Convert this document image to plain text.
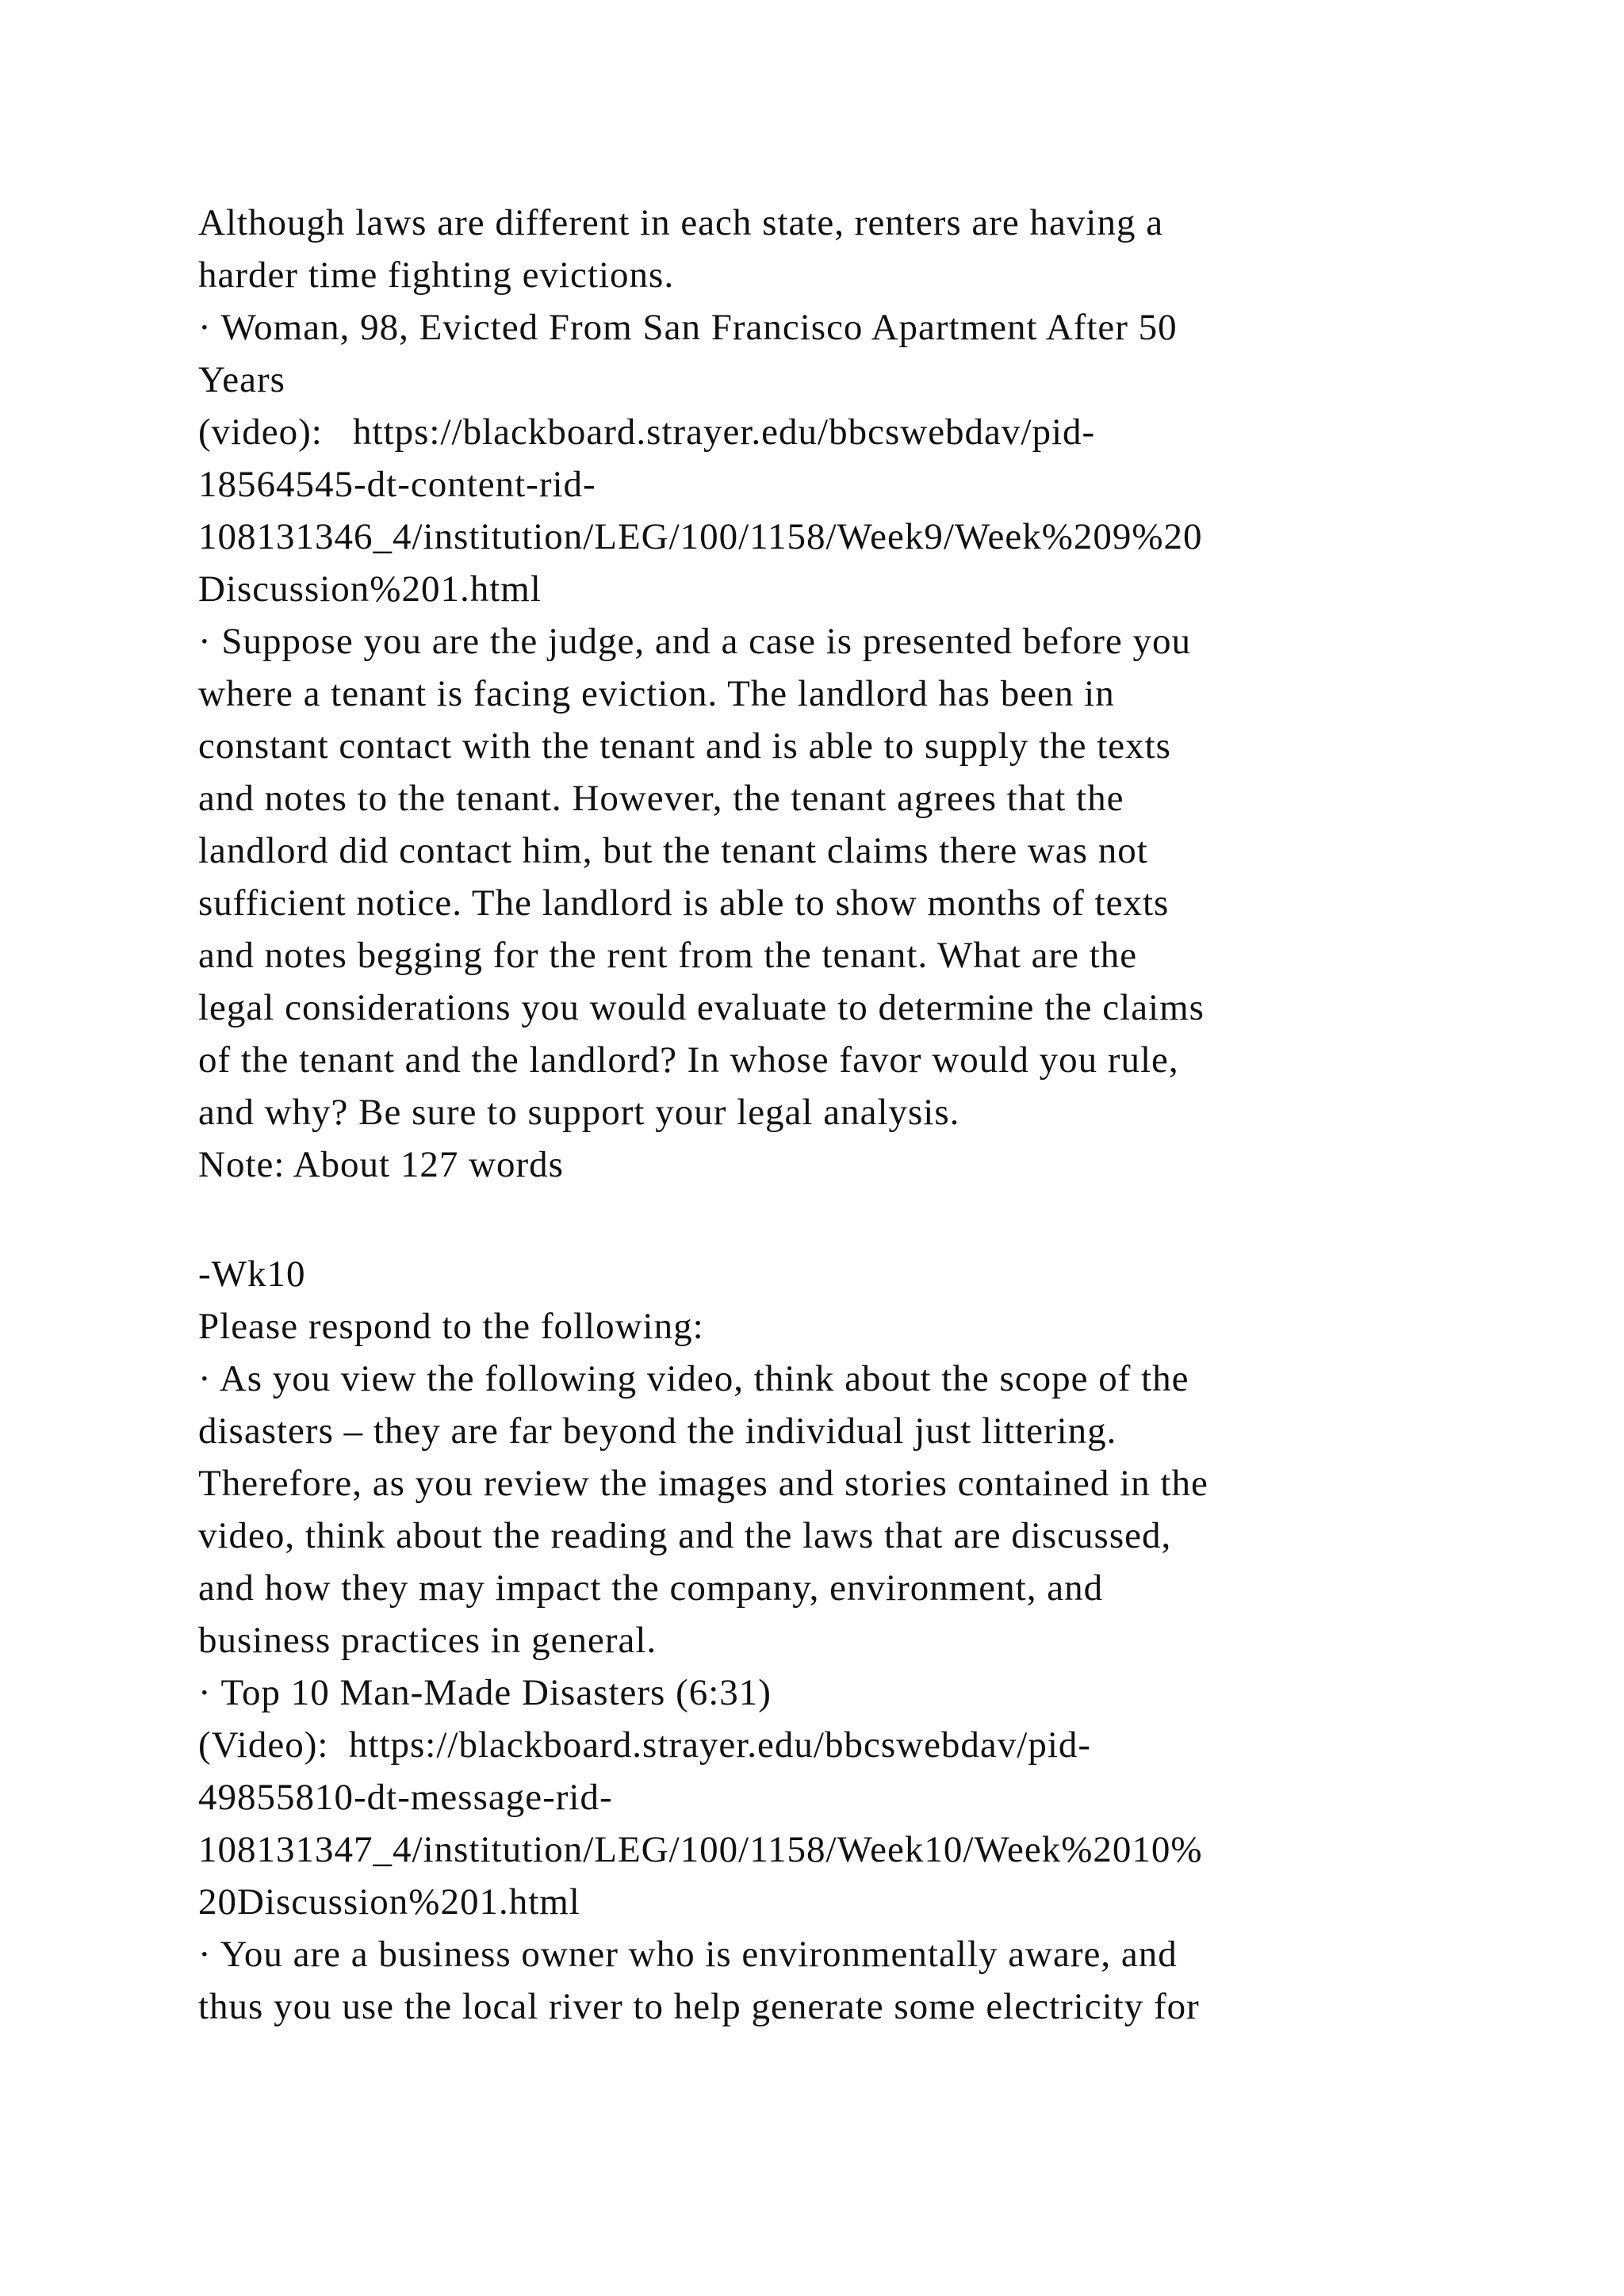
Although laws are different in each state, renters are having a
harder time fighting evictions.
· Woman, 98, Evicted From San Francisco Apartment After 50
Years
(video):   https://blackboard.strayer.edu/bbcswebdav/pid-
18564545-dt-content-rid-
108131346_4/institution/LEG/100/1158/Week9/Week%209%20
Discussion%201.html
· Suppose you are the judge, and a case is presented before you
where a tenant is facing eviction. The landlord has been in
constant contact with the tenant and is able to supply the texts
and notes to the tenant. However, the tenant agrees that the
landlord did contact him, but the tenant claims there was not
sufficient notice. The landlord is able to show months of texts
and notes begging for the rent from the tenant. What are the
legal considerations you would evaluate to determine the claims
of the tenant and the landlord? In whose favor would you rule,
and why? Be sure to support your legal analysis.
Note: About 127 words
-Wk10
Please respond to the following:
· As you view the following video, think about the scope of the
disasters – they are far beyond the individual just littering.
Therefore, as you review the images and stories contained in the
video, think about the reading and the laws that are discussed,
and how they may impact the company, environment, and
business practices in general.
· Top 10 Man-Made Disasters (6:31)
(Video):  https://blackboard.strayer.edu/bbcswebdav/pid-
49855810-dt-message-rid-
108131347_4/institution/LEG/100/1158/Week10/Week%2010%
20Discussion%201.html
· You are a business owner who is environmentally aware, and
thus you use the local river to help generate some electricity for
